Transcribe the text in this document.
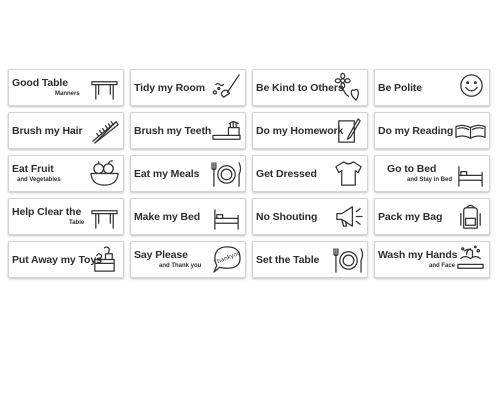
Good Table
Manners	Tidy my Room	Be Kind to Others	Be Polite
Brush my Hair	Brush my Teeth	Do my Homework	Do my Reading
Eat Fruit
and Vegetables	Eat my Meals	Get Dressed	Go to Bed
and Stay in Bed
Help Clear the
Table	Make my Bed	No Shouting	Pack my Bag
Put Away my Toys	Say Please
and Thank you Thankyou Set the Table	Wash my Hands
and Face
